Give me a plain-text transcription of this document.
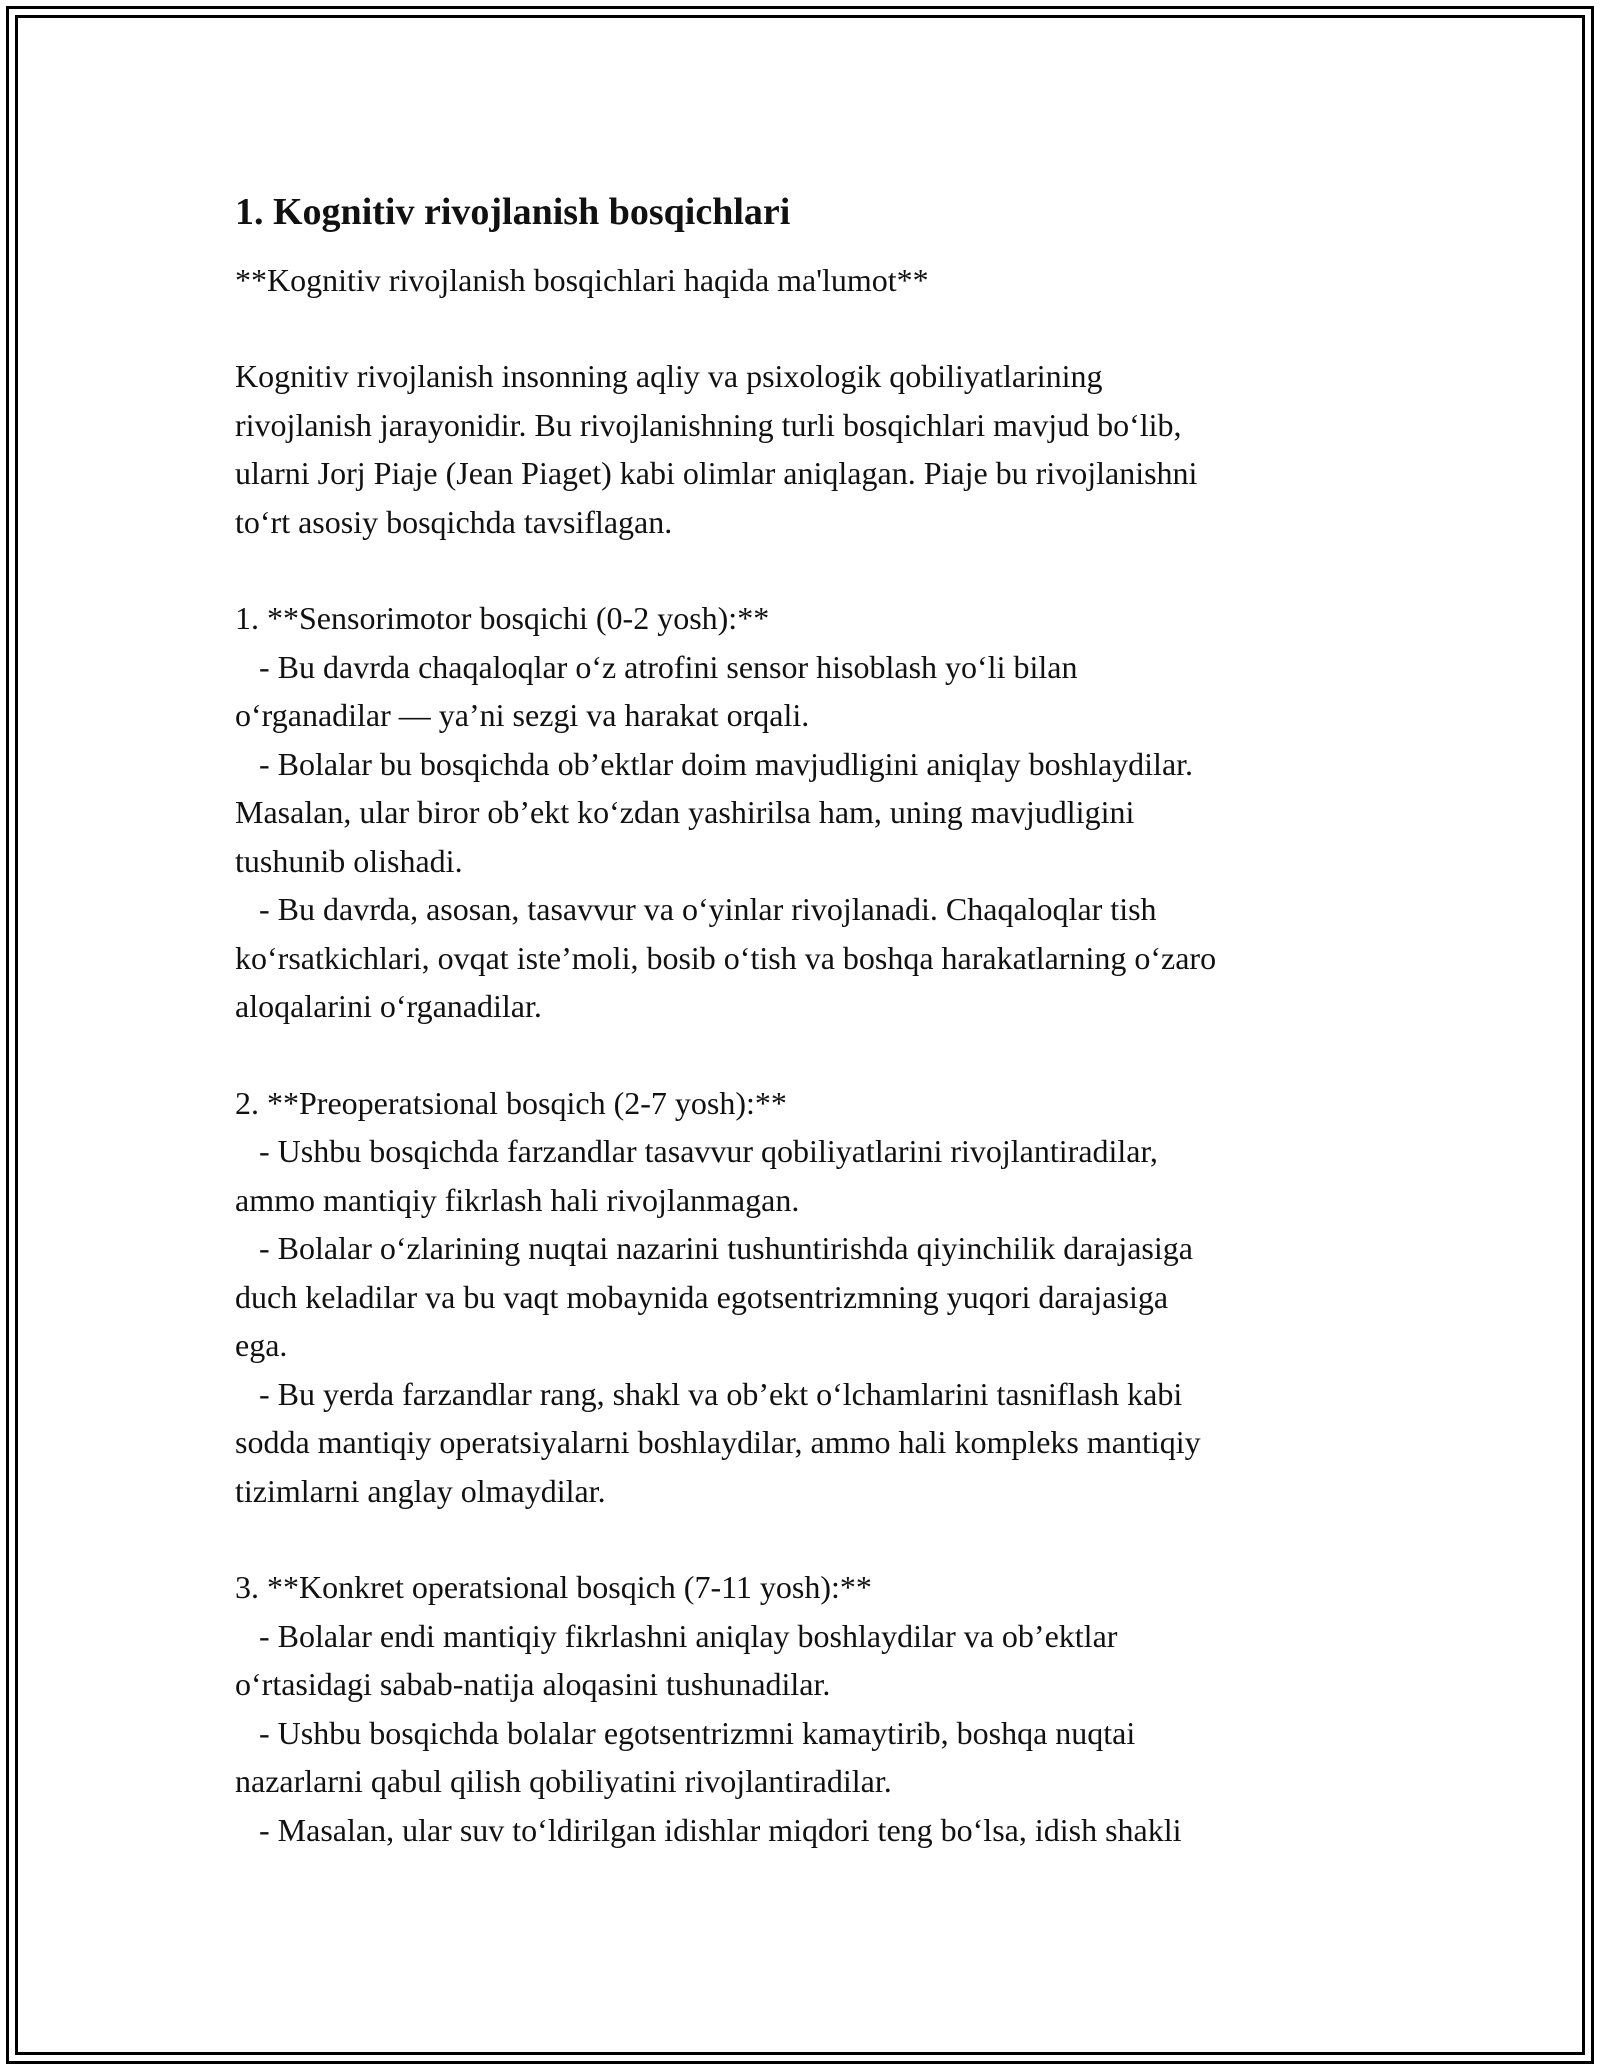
1. Kognitiv rivojlanish bosqichlari

**Kognitiv rivojlanish bosqichlari haqida ma'lumot**

Kognitiv rivojlanish insonning aqliy va psixologik qobiliyatlarining

rivojlanish jarayonidir. Bu rivojlanishning turli bosqichlari mavjud bo‘lib,

ularni Jorj Piaje (Jean Piaget) kabi olimlar aniqlagan. Piaje bu rivojlanishni

to‘rt asosiy bosqichda tavsiflagan.

1. **Sensorimotor bosqichi (0-2 yosh):**

- Bu davrda chaqaloqlar o‘z atrofini sensor hisoblash yo‘li bilan

o‘rganadilar — ya’ni sezgi va harakat orqali.

- Bolalar bu bosqichda ob’ektlar doim mavjudligini aniqlay boshlaydilar.

Masalan, ular biror ob’ekt ko‘zdan yashirilsa ham, uning mavjudligini

tushunib olishadi.

- Bu davrda, asosan, tasavvur va o‘yinlar rivojlanadi. Chaqaloqlar tish

ko‘rsatkichlari, ovqat iste’moli, bosib o‘tish va boshqa harakatlarning o‘zaro

aloqalarini o‘rganadilar.

2. **Preoperatsional bosqich (2-7 yosh):**

- Ushbu bosqichda farzandlar tasavvur qobiliyatlarini rivojlantiradilar,

ammo mantiqiy fikrlash hali rivojlanmagan.

- Bolalar o‘zlarining nuqtai nazarini tushuntirishda qiyinchilik darajasiga

duch keladilar va bu vaqt mobaynida egotsentrizmning yuqori darajasiga

ega.

- Bu yerda farzandlar rang, shakl va ob’ekt o‘lchamlarini tasniflash kabi

sodda mantiqiy operatsiyalarni boshlaydilar, ammo hali kompleks mantiqiy

tizimlarni anglay olmaydilar.

3. **Konkret operatsional bosqich (7-11 yosh):**

- Bolalar endi mantiqiy fikrlashni aniqlay boshlaydilar va ob’ektlar

o‘rtasidagi sabab-natija aloqasini tushunadilar.

- Ushbu bosqichda bolalar egotsentrizmni kamaytirib, boshqa nuqtai

nazarlarni qabul qilish qobiliyatini rivojlantiradilar.

- Masalan, ular suv to‘ldirilgan idishlar miqdori teng bo‘lsa, idish shakli
